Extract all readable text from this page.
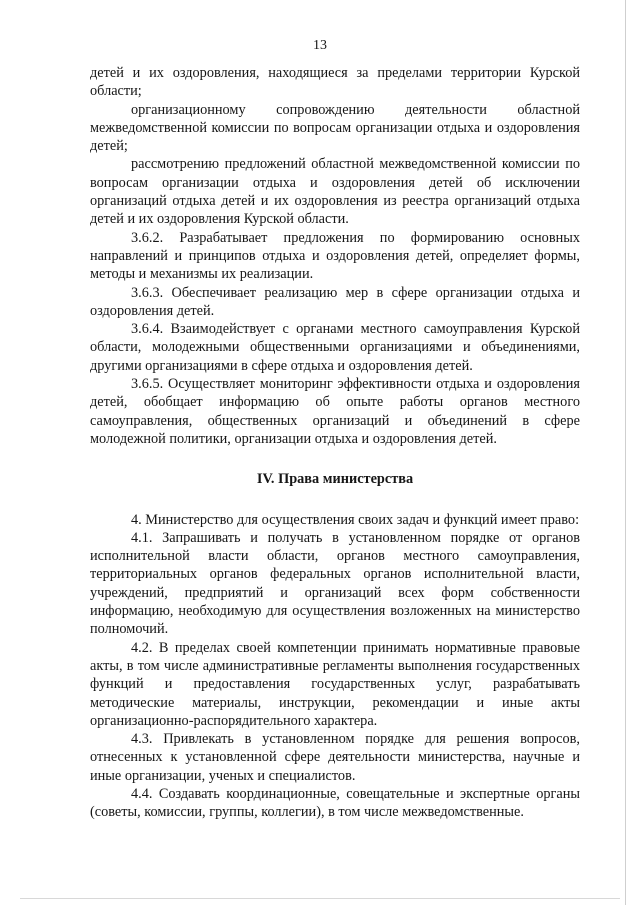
13

детей и их оздоровления, находящиеся за пределами территории Курской области;

организационному сопровождению деятельности областной межведомственной комиссии по вопросам организации отдыха и оздоровления детей;

рассмотрению предложений областной межведомственной комиссии по вопросам организации отдыха и оздоровления детей об исключении организаций отдыха детей и их оздоровления из реестра организаций отдыха детей и их оздоровления Курской области.

3.6.2. Разрабатывает предложения по формированию основных направлений и принципов отдыха и оздоровления детей, определяет формы, методы и механизмы их реализации.

3.6.3. Обеспечивает реализацию мер в сфере организации отдыха и оздоровления детей.

3.6.4. Взаимодействует с органами местного самоуправления Курской области, молодежными общественными организациями и объединениями, другими организациями в сфере отдыха и оздоровления детей.

3.6.5. Осуществляет мониторинг эффективности отдыха и оздоровления детей, обобщает информацию об опыте работы органов местного самоуправления, общественных организаций и объединений в сфере молодежной политики, организации отдыха и оздоровления детей.

IV. Права министерства

4. Министерство для осуществления своих задач и функций имеет право:

4.1. Запрашивать и получать в установленном порядке от органов исполнительной власти области, органов местного самоуправления, территориальных органов федеральных органов исполнительной власти, учреждений, предприятий и организаций всех форм собственности информацию, необходимую для осуществления возложенных на министерство полномочий.

4.2. В пределах своей компетенции принимать нормативные правовые акты, в том числе административные регламенты выполнения государственных функций и предоставления государственных услуг, разрабатывать методические материалы, инструкции, рекомендации и иные акты организационно-распорядительного характера.

4.3. Привлекать в установленном порядке для решения вопросов, отнесенных к установленной сфере деятельности министерства, научные и иные организации, ученых и специалистов.

4.4. Создавать координационные, совещательные и экспертные органы (советы, комиссии, группы, коллегии), в том числе межведомственные.
